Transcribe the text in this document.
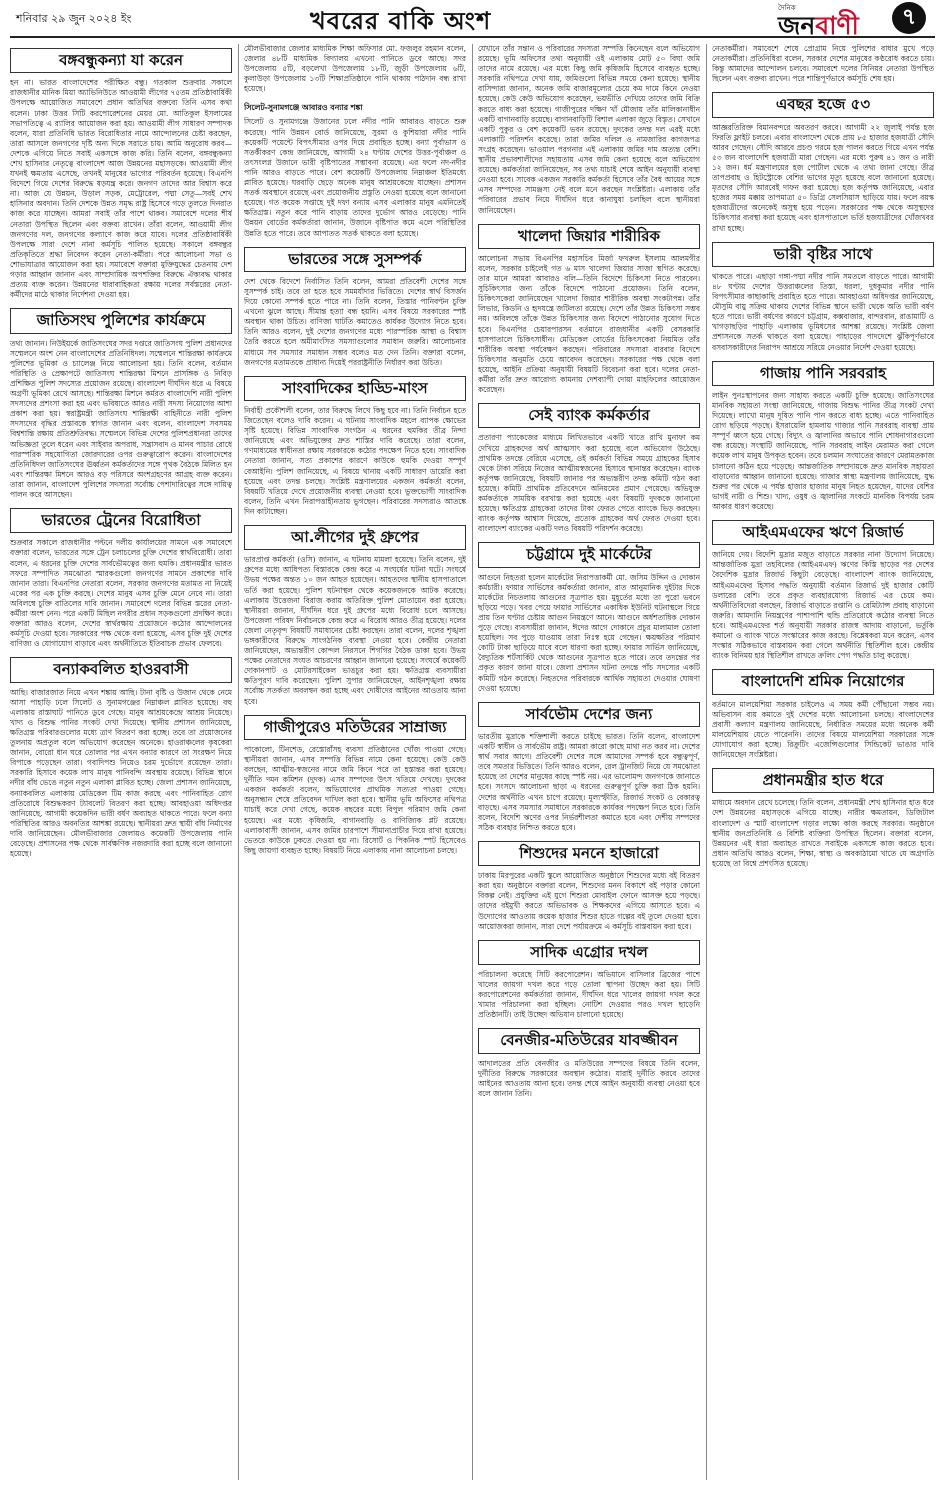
শনিবার ২৯ জুন ২০২৪ ইং	খবরের বাকি অংশ	দৈনিক
জনবাণী	৭
বঙ্গবন্ধুকন্যা যা করেন

হন না। ভারত বাংলাদেশের পরীক্ষিত বন্ধু। গতকাল শুক্রবার সকালে রাজধানীর মানিক মিয়া অ্যাভিনিউতে আওয়ামী লীগের ৭৫তম প্রতিষ্ঠাবার্ষিকী উপলক্ষে আয়োজিত সমাবেশে প্রধান অতিথির বক্তব্যে তিনি এসব কথা বলেন। ঢাকা উত্তর সিটি করপোরেশনের মেয়র মো. আতিকুল ইসলামের সভাপতিত্বে এ র‌্যালির আয়োজন করা হয়। আওয়ামী লীগ সাধারণ সম্পাদক বলেন, যারা প্রতিনিধি ভারত বিরোধিতার নামে আন্দোলনের চেষ্টা করছেন, তারা আসলে জনগণের দৃষ্টি অন্য দিকে সরাতে চায়। আমি অনুরোধ করব—দেশকে এগিয়ে নিতে সবাই একসঙ্গে কাজ করি। তিনি বলেন, বঙ্গবন্ধুকন্যা শেখ হাসিনার নেতৃত্বে বাংলাদেশ আজ উন্নয়নের মহাসড়কে। আওয়ামী লীগ যখনই ক্ষমতায় এসেছে, তখনই মানুষের ভাগ্যের পরিবর্তন হয়েছে। বিএনপি বিদেশে গিয়ে দেশের বিরুদ্ধে ষড়যন্ত্র করে। জনগণ তাদের আর বিশ্বাস করে না। আজ যে উন্নয়ন, উড়াল সড়ক, মেট্রোরেল, পদ্মা সেতু—সবই শেখ হাসিনার অবদান। তিনি দেশকে উন্নত সমৃদ্ধ রাষ্ট্র হিসেবে গড়ে তুলতে দিনরাত কাজ করে যাচ্ছেন। আমরা সবাই তাঁর পাশে থাকব। সমাবেশে দলের শীর্ষ নেতারা উপস্থিত ছিলেন এবং বক্তব্য রাখেন। তাঁরা বলেন, আওয়ামী লীগ জনগণের দল, জনগণের কল্যাণে কাজ করে যাবে। দলের প্রতিষ্ঠাবার্ষিকী উপলক্ষে সারা দেশে নানা কর্মসূচি পালিত হয়েছে। সকালে বঙ্গবন্ধুর প্রতিকৃতিতে শ্রদ্ধা নিবেদন করেন নেতা-কর্মীরা। পরে আলোচনা সভা ও শোভাযাত্রার আয়োজন করা হয়। সমাবেশে বক্তারা মুক্তিযুদ্ধের চেতনায় দেশ গড়ার আহ্বান জানান এবং সাম্প্রদায়িক অপশক্তির বিরুদ্ধে ঐক্যবদ্ধ থাকার প্রত্যয় ব্যক্ত করেন। উন্নয়নের ধারাবাহিকতা রক্ষায় দলের সর্বস্তরের নেতা-কর্মীদের মাঠে থাকার নির্দেশনা দেওয়া হয়।

জাতিসংঘ পুলিশের কার্যক্রমে

তথ্য জানান। নিউইয়র্কে জাতিসংঘের সদর দপ্তরে জাতিসংঘ পুলিশ প্রধানদের সম্মেলনে অংশ নেন বাংলাদেশের প্রতিনিধিদল। সম্মেলনে শান্তিরক্ষা কার্যক্রমে পুলিশের ভূমিকা ও চ্যালেঞ্জ নিয়ে আলোচনা হয়। তিনি বলেন, বর্তমান পরিস্থিতি ও প্রেক্ষাপটে জাতিসংঘ শান্তিরক্ষা মিশনে প্রাসঙ্গিক ও নিবিড় প্রশিক্ষিত পুলিশ সদস্যের প্রয়োজন রয়েছে। বাংলাদেশ দীর্ঘদিন ধরে এ বিষয়ে অগ্রণী ভূমিকা রেখে আসছে। শান্তিরক্ষা মিশনে কর্মরত বাংলাদেশি নারী পুলিশ সদস্যদের প্রশংসা করা হয় এবং ভবিষ্যতে আরও নারী সদস্য নিয়োগের আশা প্রকাশ করা হয়। স্বরাষ্ট্রমন্ত্রী জাতিসংঘ শান্তিরক্ষী বাহিনীতে নারী পুলিশ সদস্যদের বৃদ্ধির প্রস্তাবকে স্বাগত জানান এবং বলেন, বাংলাদেশ সবসময় বিশ্বশান্তি রক্ষায় প্রতিশ্রুতিবদ্ধ। সম্মেলনে বিভিন্ন দেশের পুলিশপ্রধানরা তাদের অভিজ্ঞতা তুলে ধরেন এবং সাইবার অপরাধ, সন্ত্রাসবাদ ও মানব পাচার রোধে পারস্পরিক সহযোগিতা জোরদারের ওপর গুরুত্বারোপ করেন। বাংলাদেশের প্রতিনিধিদল জাতিসংঘের ঊর্ধ্বতন কর্মকর্তাদের সঙ্গে পৃথক বৈঠকে মিলিত হন এবং শান্তিরক্ষা মিশনে আরও বড় পরিসরে অংশগ্রহণের আগ্রহ ব্যক্ত করেন। তারা জানান, বাংলাদেশ পুলিশের সদস্যরা সর্বোচ্চ পেশাদারিত্বের সঙ্গে দায়িত্ব পালন করে আসছেন।

ভারতের ট্রেনের বিরোধিতা

শুক্রবার সকালে রাজধানীর পল্টনে দলীয় কার্যালয়ের সামনে এক সমাবেশে বক্তারা বলেন, ভারতের সঙ্গে ট্রেন চলাচলের চুক্তি দেশের স্বার্থবিরোধী। তারা বলেন, এ ধরনের চুক্তি দেশের সার্বভৌমত্বের জন্য হুমকি। প্রধানমন্ত্রীর ভারত সফরে সম্পাদিত সমঝোতা স্মারকগুলো জনগণের সামনে প্রকাশের দাবি জানান তারা। বিএনপির নেতারা বলেন, সরকার জনগণের মতামত না নিয়েই একের পর এক চুক্তি করছে। দেশের মানুষ এসব চুক্তি মেনে নেবে না। তারা অবিলম্বে চুক্তি বাতিলের দাবি জানান। সমাবেশে দলের বিভিন্ন স্তরের নেতা-কর্মীরা অংশ নেন। পরে একটি মিছিল নগরীর প্রধান সড়কগুলো প্রদক্ষিণ করে। বক্তারা আরও বলেন, দেশের স্বার্থরক্ষায় প্রয়োজনে কঠোর আন্দোলনের কর্মসূচি দেওয়া হবে। সরকারের পক্ষ থেকে বলা হয়েছে, এসব চুক্তি দুই দেশের বাণিজ্য ও যোগাযোগ বাড়াবে এবং অর্থনীতিতে ইতিবাচক প্রভাব ফেলবে।

বন্যাকবলিত হাওরবাসী

আছি। বাজারজাত নিয়ে এখন শঙ্কায় আছি। টানা বৃষ্টি ও উজান থেকে নেমে আসা পাহাড়ি ঢলে সিলেট ও সুনামগঞ্জের নিম্নাঞ্চল প্লাবিত হয়েছে। বহু এলাকায় রাস্তাঘাট পানিতে ডুবে গেছে। মানুষ আশ্রয়কেন্দ্রে আশ্রয় নিয়েছে। খাদ্য ও বিশুদ্ধ পানির সংকট দেখা দিয়েছে। স্থানীয় প্রশাসন জানিয়েছে, ক্ষতিগ্রস্ত পরিবারগুলোর মধ্যে ত্রাণ বিতরণ করা হচ্ছে। তবে তা প্রয়োজনের তুলনায় অপ্রতুল বলে অভিযোগ করেছেন অনেকে। হাওরাঞ্চলের কৃষকেরা জানান, বোরো ধান ঘরে তোলার পর এখন বন্যার কারণে তা সংরক্ষণ নিয়ে বিপাকে পড়েছেন তারা। গবাদিপশু নিয়েও চরম দুর্ভোগে রয়েছেন তারা। সরকারি হিসাবে কয়েক লাখ মানুষ পানিবন্দি অবস্থায় রয়েছে। বিভিন্ন স্থানে নদীর বাঁধ ভেঙে নতুন নতুন এলাকা প্লাবিত হচ্ছে। জেলা প্রশাসন জানিয়েছে, বন্যাকবলিত এলাকায় মেডিকেল টিম কাজ করছে এবং পানিবাহিত রোগ প্রতিরোধে বিশুদ্ধকরণ ট্যাবলেট বিতরণ করা হচ্ছে। আবহাওয়া অধিদপ্তর জানিয়েছে, আগামী কয়েকদিন ভারী বর্ষণ অব্যাহত থাকতে পারে। ফলে বন্যা পরিস্থিতির আরও অবনতির আশঙ্কা রয়েছে। স্থানীয়রা দ্রুত স্থায়ী বাঁধ নির্মাণের দাবি জানিয়েছেন। মৌলভীবাজার জেলায়ও কয়েকটি উপজেলায় পানি বেড়েছে। প্রশাসনের পক্ষ থেকে সার্বক্ষণিক নজরদারি করা হচ্ছে বলে জানানো হয়েছে।

মৌলভীবাজার জেলার মাধ্যমিক শিক্ষা অফিসার মো. ফজলুর রহমান বলেন, জেলার ৪৮টি মাধ্যমিক বিদ্যালয় এখনো পানিতে ডুবে আছে। সদর উপজেলায় ৫টি, বড়লেখা উপজেলায় ১৮টি, জুড়ী উপজেলায় ৬টি, কুলাউড়া উপজেলায় ১৩টি শিক্ষাপ্রতিষ্ঠানে পানি থাকায় পাঠদান বন্ধ রাখা হয়েছে।

সিলেট-সুনামগঞ্জে আবারও বন্যার শঙ্কা

সিলেট ও সুনামগঞ্জে উজানের ঢলে নদীর পানি আবারও বাড়তে শুরু করেছে। পানি উন্নয়ন বোর্ড জানিয়েছে, সুরমা ও কুশিয়ারা নদীর পানি কয়েকটি পয়েন্টে বিপৎসীমার ওপর দিয়ে প্রবাহিত হচ্ছে। বন্যা পূর্বাভাস ও সতর্কীকরণ কেন্দ্র জানিয়েছে, আগামী ২৪ ঘণ্টায় দেশের উত্তর-পূর্বাঞ্চল ও তৎসংলগ্ন উজানে ভারী বৃষ্টিপাতের সম্ভাবনা রয়েছে। এর ফলে নদ-নদীর পানি আরও বাড়তে পারে। বেশ কয়েকটি উপজেলায় নিম্নাঞ্চল ইতিমধ্যে প্লাবিত হয়েছে। ঘরবাড়ি ছেড়ে অনেক মানুষ আশ্রয়কেন্দ্রে যাচ্ছেন। প্রশাসন সতর্ক অবস্থানে রয়েছে এবং প্রয়োজনীয় প্রস্তুতি নেওয়া হয়েছে বলে জানানো হয়েছে। গত কয়েক সপ্তাহে দুই দফা বন্যায় এসব এলাকার মানুষ এমনিতেই ক্ষতিগ্রস্ত। নতুন করে পানি বাড়ায় তাদের দুর্ভোগ আরও বেড়েছে। পানি উন্নয়ন বোর্ডের কর্মকর্তারা জানান, উজানে বৃষ্টিপাত কমে এলে পরিস্থিতির উন্নতি হতে পারে। তবে আপাতত সতর্ক থাকতে বলা হয়েছে।

ভারতের সঙ্গে সুসম্পর্ক

দেশ থেকে বিদেশে নির্বাসিত তিনি বলেন, আমরা প্রতিবেশী দেশের সঙ্গে সুসম্পর্ক চাই। তবে তা হতে হবে সমমর্যাদার ভিত্তিতে। দেশের স্বার্থ বিসর্জন দিয়ে কোনো সম্পর্ক হতে পারে না। তিনি বলেন, তিস্তার পানিবণ্টন চুক্তি এখনো ঝুলে আছে। সীমান্ত হত্যা বন্ধ হয়নি। এসব বিষয়ে সরকারের স্পষ্ট অবস্থান থাকা উচিত। বাণিজ্য ঘাটতি কমাতেও কার্যকর উদ্যোগ নিতে হবে। তিনি আরও বলেন, দুই দেশের জনগণের মধ্যে পারস্পরিক আস্থা ও বিশ্বাস তৈরি করতে হলে অমীমাংসিত সমস্যাগুলোর সমাধান জরুরি। আলোচনার মাধ্যমে সব সমস্যার সমাধান সম্ভব বলেও মত দেন তিনি। বক্তারা বলেন, জনগণের মতামতকে প্রাধান্য দিয়েই পররাষ্ট্রনীতি নির্ধারণ করা উচিত।

সাংবাদিকের হাড্ডি-মাংস

নির্বাহী প্রকৌশলী বলেন, তার বিরুদ্ধে লিখে কিছু হবে না। তিনি নির্বাচন হতে জিতেছেন বলেও দাবি করেন। এ ঘটনায় সাংবাদিক মহলে ব্যাপক ক্ষোভের সৃষ্টি হয়েছে। বিভিন্ন সাংবাদিক সংগঠন এ ধরনের হুমকির তীব্র নিন্দা জানিয়েছে এবং অভিযুক্তের দ্রুত শাস্তির দাবি করেছে। তারা বলেন, গণমাধ্যমের স্বাধীনতা রক্ষায় সরকারকে কঠোর পদক্ষেপ নিতে হবে। সাংবাদিক নেতারা জানান, সত্য প্রকাশের কারণে কাউকে হুমকি দেওয়া সম্পূর্ণ বেআইনি। পুলিশ জানিয়েছে, এ বিষয়ে থানায় একটি সাধারণ ডায়েরি করা হয়েছে এবং তদন্ত চলছে। সংশ্লিষ্ট মন্ত্রণালয়ের একজন কর্মকর্তা বলেন, বিষয়টি খতিয়ে দেখে প্রয়োজনীয় ব্যবস্থা নেওয়া হবে। ভুক্তভোগী সাংবাদিক বলেন, তিনি এখন নিরাপত্তাহীনতায় ভুগছেন। পরিবারের সদস্যরাও আতঙ্কে দিন কাটাচ্ছেন।

আ.লীগের দুই গ্রুপের

ভারপ্রাপ্ত কর্মকর্তা (ওসি) জানান, এ ঘটনায় মামলা হয়েছে। তিনি বলেন, দুই গ্রুপের মধ্যে আধিপত্য বিস্তারকে কেন্দ্র করে এ সংঘর্ষের ঘটনা ঘটে। সংঘর্ষে উভয় পক্ষের অন্তত ১০ জন আহত হয়েছেন। আহতদের স্থানীয় হাসপাতালে ভর্তি করা হয়েছে। পুলিশ ঘটনাস্থল থেকে কয়েকজনকে আটক করেছে। এলাকায় উত্তেজনা বিরাজ করায় অতিরিক্ত পুলিশ মোতায়েন করা হয়েছে। স্থানীয়রা জানান, দীর্ঘদিন ধরে দুই গ্রুপের মধ্যে বিরোধ চলে আসছে। উপজেলা পরিষদ নির্বাচনকে কেন্দ্র করে এ বিরোধ আরও তীব্র হয়েছে। দলের জেলা নেতৃবৃন্দ বিষয়টি সমাধানের চেষ্টা করছেন। তারা বলেন, দলের শৃঙ্খলা ভঙ্গকারীদের বিরুদ্ধে সাংগঠনিক ব্যবস্থা নেওয়া হবে। কেন্দ্রীয় নেতারা জানিয়েছেন, অভ্যন্তরীণ কোন্দল নিরসনে শিগগির বৈঠক ডাকা হবে। উভয় পক্ষের নেতাদের সংযত আচরণের আহ্বান জানানো হয়েছে। সংঘর্ষে কয়েকটি দোকানপাট ও মোটরসাইকেল ভাঙচুর করা হয়। ক্ষতিগ্রস্ত ব্যবসায়ীরা ক্ষতিপূরণ দাবি করেছেন। পুলিশ সুপার জানিয়েছেন, আইনশৃঙ্খলা রক্ষায় সর্বোচ্চ সতর্কতা অবলম্বন করা হচ্ছে এবং দোষীদের আইনের আওতায় আনা হবে।

গাজীপুরেও মতিউরের সাম্রাজ্য

পাকোলো, টিনশেড, রেস্তোরাঁসহ ব্যবসা প্রতিষ্ঠানের খোঁজ পাওয়া গেছে। স্থানীয়রা জানান, এসব সম্পত্তি বিভিন্ন নামে কেনা হয়েছে। কেউ কেউ বলছেন, আত্মীয়-স্বজনের নামে জমি কিনে পরে তা হস্তান্তর করা হয়েছে। দুর্নীতি দমন কমিশন (দুদক) এসব সম্পদের উৎস খতিয়ে দেখছে। দুদকের একজন কর্মকর্তা বলেন, অভিযোগের প্রাথমিক সত্যতা পাওয়া গেছে। অনুসন্ধান শেষে প্রতিবেদন দাখিল করা হবে। স্থানীয় ভূমি অফিসের নথিপত্র যাচাই করে দেখা গেছে, কয়েক বছরের মধ্যে বিপুল পরিমাণ জমি কেনা হয়েছে। এর মধ্যে কৃষিজমি, বাগানবাড়ি ও বাণিজ্যিক প্লট রয়েছে। এলাকাবাসী জানান, এসব জমির চারপাশে সীমানাপ্রাচীর দিয়ে রাখা হয়েছে। ভেতরে কাউকে ঢুকতে দেওয়া হয় না। রিসোর্ট ও পিকনিক স্পট হিসেবেও কিছু জায়গা ব্যবহৃত হচ্ছে। বিষয়টি নিয়ে এলাকায় নানা আলোচনা চলছে।

যেখানে তাঁর সন্তান ও পরিবারের সদস্যরা সম্পত্তি কিনেছেন বলে অভিযোগ রয়েছে। ভূমি অফিসের তথ্য অনুযায়ী ওই এলাকায় মোট ৫০ বিঘা জমি তাদের নামে রয়েছে। এর মধ্যে কিছু জমি কৃষিজমি হিসেবে ব্যবহৃত হচ্ছে। সরকারি নথিপত্রে দেখা যায়, জমিগুলো বিভিন্ন সময়ে কেনা হয়েছে। স্থানীয় বাসিন্দারা জানান, অনেক জমি বাজারমূল্যের চেয়ে কম দামে কিনে নেওয়া হয়েছে। কেউ কেউ অভিযোগ করেছেন, ভয়ভীতি দেখিয়ে তাদের জমি বিক্রি করতে বাধ্য করা হয়েছে। গাজীপুরের দক্ষিণ খাঁ মৌজায় তাঁর মালিকানাধীন একটি বাগানবাড়ি রয়েছে। বাগানবাড়িটি বিশাল এলাকা জুড়ে বিস্তৃত। সেখানে একটি পুকুর ও বেশ কয়েকটি ভবন রয়েছে। দুদকের তদন্ত দল এরই মধ্যে এলাকাটি পরিদর্শন করেছে। তারা জমির দলিল ও নামজারির কাগজপত্র সংগ্রহ করেছেন। ভাওয়াল পরগনার এই এলাকায় জমির দাম অত্যন্ত বেশি। স্থানীয় প্রভাবশালীদের সহায়তায় এসব জমি কেনা হয়েছে বলে অভিযোগ রয়েছে। কর্মকর্তারা জানিয়েছেন, সব তথ্য যাচাই শেষে আইন অনুযায়ী ব্যবস্থা নেওয়া হবে। সাবেক একজন সরকারি কর্মকর্তা হিসেবে তাঁর বৈধ আয়ের সঙ্গে এসব সম্পদের সামঞ্জস্য নেই বলে মনে করছেন সংশ্লিষ্টরা। এলাকায় তাঁর পরিবারের প্রভাব নিয়ে দীর্ঘদিন ধরে কানাঘুষা চলছিল বলে স্থানীয়রা জানিয়েছেন।

খালেদা জিয়ার শারীরিক

আলোচনা সভায় বিএনপির মহাসচিব মির্জা ফখরুল ইসলাম আলমগীর বলেন, সরকার চাইলেই গত ৬ মাস খালেদা জিয়ার সাজা স্থগিত করেছে। তার মানে আমরা আবারও বলি—তিনি বিদেশে চিকিৎসা নিতে পারবেন। সুচিকিৎসার জন্য তাঁকে বিদেশে পাঠানো প্রয়োজন। তিনি বলেন, চিকিৎসকেরা জানিয়েছেন খালেদা জিয়ার শারীরিক অবস্থা সংকটাপন্ন। তাঁর লিভার, কিডনি ও হৃদযন্ত্রে জটিলতা রয়েছে। দেশে তাঁর উন্নত চিকিৎসা সম্ভব নয়। অবিলম্বে তাঁকে উন্নত চিকিৎসার জন্য বিদেশে পাঠানোর সুযোগ দিতে হবে। বিএনপির চেয়ারপারসন বর্তমানে রাজধানীর একটি বেসরকারি হাসপাতালে চিকিৎসাধীন। মেডিকেল বোর্ডের চিকিৎসকেরা নিয়মিত তাঁর শারীরিক অবস্থা পর্যবেক্ষণ করছেন। পরিবারের সদস্যরা বারবার বিদেশে চিকিৎসার অনুমতি চেয়ে আবেদন করেছেন। সরকারের পক্ষ থেকে বলা হয়েছে, আইনি প্রক্রিয়া অনুযায়ী বিষয়টি বিবেচনা করা হবে। দলের নেতা-কর্মীরা তাঁর দ্রুত আরোগ্য কামনায় দেশব্যাপী দোয়া মাহফিলের আয়োজন করেছেন।

সেই ব্যাংক কর্মকর্তার

প্রতারণা প্যাকেজের মাধ্যমে লিখিতভাবে একটি খাতে রাখি মুনাফা কম দেখিয়ে গ্রাহকদের অর্থ আত্মসাৎ করা হয়েছে বলে অভিযোগ উঠেছে। প্রাথমিক তদন্তে বেরিয়ে এসেছে, ওই কর্মকর্তা বিভিন্ন সময়ে গ্রাহকের হিসাব থেকে টাকা সরিয়ে নিজের আত্মীয়স্বজনের হিসাবে স্থানান্তর করেছেন। ব্যাংক কর্তৃপক্ষ জানিয়েছে, বিষয়টি জানার পর অভ্যন্তরীণ তদন্ত কমিটি গঠন করা হয়েছে। কমিটি প্রাথমিক প্রতিবেদনে অনিয়মের প্রমাণ পেয়েছে। অভিযুক্ত কর্মকর্তাকে সাময়িক বরখাস্ত করা হয়েছে এবং বিষয়টি দুদককে জানানো হয়েছে। ক্ষতিগ্রস্ত গ্রাহকেরা তাদের টাকা ফেরত পেতে ব্যাংকে ভিড় করছেন। ব্যাংক কর্তৃপক্ষ আশ্বাস দিয়েছে, প্রত্যেক গ্রাহকের অর্থ ফেরত দেওয়া হবে। বাংলাদেশ ব্যাংকের একটি দলও বিষয়টি পরিদর্শন করেছে।

চট্টগ্রামে দুই মার্কেটের

আগুনে নিহতরা হলেন মার্কেটের নিরাপত্তাকর্মী মো. জসিম উদ্দিন ও দোকান কর্মচারী। ফায়ার সার্ভিসের কর্মকর্তারা জানান, রাত আনুমানিক দুইটার দিকে মার্কেটের নিচতলায় আগুনের সূত্রপাত হয়। মুহূর্তের মধ্যে তা পুরো ভবনে ছড়িয়ে পড়ে। খবর পেয়ে ফায়ার সার্ভিসের একাধিক ইউনিট ঘটনাস্থলে গিয়ে প্রায় তিন ঘণ্টার চেষ্টায় আগুন নিয়ন্ত্রণে আনে। আগুনে অর্ধশতাধিক দোকান পুড়ে গেছে। ব্যবসায়ীরা জানান, ঈদের আগে দোকানে প্রচুর মালামাল তোলা হয়েছিল। সব পুড়ে যাওয়ায় তারা নিঃস্ব হয়ে গেছেন। ক্ষয়ক্ষতির পরিমাণ কোটি টাকা ছাড়িয়ে যাবে বলে ধারণা করা হচ্ছে। ফায়ার সার্ভিস জানিয়েছে, বৈদ্যুতিক শর্টসার্কিট থেকে আগুনের সূত্রপাত হতে পারে। তবে তদন্তের পর প্রকৃত কারণ জানা যাবে। জেলা প্রশাসন ঘটনা তদন্তে পাঁচ সদস্যের একটি কমিটি গঠন করেছে। নিহতদের পরিবারকে আর্থিক সহায়তা দেওয়ার ঘোষণা দেওয়া হয়েছে।

সার্বভৌম দেশের জন্য

ভারতীয় মুদ্রাকে শক্তিশালী করতে চাইছে ভারত। তিনি বলেন, বাংলাদেশ একটি স্বাধীন ও সার্বভৌম রাষ্ট্র। আমরা কারো কাছে মাথা নত করব না। দেশের স্বার্থ সবার আগে। প্রতিবেশী দেশের সঙ্গে আমাদের সম্পর্ক হবে বন্ধুত্বপূর্ণ, তবে সমতার ভিত্তিতে। তিনি আরও বলেন, রেল ট্রানজিট নিয়ে যে সমঝোতা হয়েছে তা দেশের মানুষের কাছে স্পষ্ট নয়। এর ভালোমন্দ জনগণকে জানাতে হবে। সংসদে আলোচনা ছাড়া এ ধরনের গুরুত্বপূর্ণ চুক্তি করা ঠিক হয়নি। দেশের অর্থনীতি এখন চাপে রয়েছে। মূল্যস্ফীতি, রিজার্ভ সংকট ও বেকারত্ব বাড়ছে। এসব সমস্যার সমাধানে সরকারকে কার্যকর পদক্ষেপ নিতে হবে। তিনি বলেন, বিদেশি ঋণের ওপর নির্ভরশীলতা কমাতে হবে এবং দেশীয় সম্পদের সঠিক ব্যবহার নিশ্চিত করতে হবে।

শিশুদের মননে হাজারো

ঢাকায় মিরপুরের একটি স্কুলে আয়োজিত অনুষ্ঠানে শিশুদের মধ্যে বই বিতরণ করা হয়। অনুষ্ঠানে বক্তারা বলেন, শিশুদের মনন বিকাশে বই পড়ার কোনো বিকল্প নেই। প্রযুক্তির এই যুগে শিশুরা মোবাইল ফোনে আসক্ত হয়ে পড়ছে। তাদের বইমুখী করতে অভিভাবক ও শিক্ষকদের এগিয়ে আসতে হবে। এ উদ্যোগের আওতায় কয়েক হাজার শিশুর হাতে গল্পের বই তুলে দেওয়া হবে। আয়োজকরা জানান, সারা দেশে পর্যায়ক্রমে এ কর্মসূচি বাস্তবায়ন করা হবে।

সাদিক এগ্রোর দখল

পরিচালনা করেছে সিটি করপোরেশন। অভিযানে বাসিলার ব্রিজের পাশে খালের জায়গা দখল করে গড়ে তোলা স্থাপনা উচ্ছেদ করা হয়। সিটি করপোরেশনের কর্মকর্তারা জানান, দীর্ঘদিন ধরে খালের জায়গা দখল করে খামার পরিচালনা করা হচ্ছিল। নোটিশ দেওয়ার পরও দখল ছাড়েনি প্রতিষ্ঠানটি। তাই উচ্ছেদ অভিযান চালানো হয়েছে।

বেনজীর-মতিউরের যাবজ্জীবন

আদালতের প্রতি বেনজীর ও মতিউরের সম্পদের বিষয়ে তিনি বলেন, দুর্নীতির বিরুদ্ধে সরকারের অবস্থান কঠোর। যারাই দুর্নীতি করবে তাদের আইনের আওতায় আনা হবে। তদন্ত শেষে আইন অনুযায়ী ব্যবস্থা নেওয়া হবে বলে জানান তিনি।

নেতাকর্মীরা। সমাবেশে শেষে প্রোগ্রাম নিয়ে পুলিশের বাধার মুখে পড়ে নেতাকর্মীরা। প্রতিনিধিরা বলেন, সরকার দেশের মানুষের কণ্ঠরোধ করতে চায়। কিন্তু আমাদের আন্দোলন চলবে। সমাবেশে দলের সিনিয়র নেতারা উপস্থিত ছিলেন এবং বক্তব্য রাখেন। পরে শান্তিপূর্ণভাবে কর্মসূচি শেষ হয়।

এবছর হজে ৫৩

আজ্ঞরতিরিক্ত বিমানবন্দরে অবতরণ করবে। আগামী ২২ জুলাই পর্যন্ত হজ ফিরতি ফ্লাইট চলবে। এবার বাংলাদেশ থেকে প্রায় ৮৫ হাজার হজযাত্রী সৌদি আরব গেছেন। সৌদি আরবে প্রচণ্ড গরমে হজ পালন করতে গিয়ে এখন পর্যন্ত ৫৩ জন বাংলাদেশি হজযাত্রী মারা গেছেন। এর মধ্যে পুরুষ ৪১ জন ও নারী ১২ জন। ধর্ম মন্ত্রণালয়ের হজ পোর্টাল থেকে এ তথ্য জানা গেছে। তীব্র তাপপ্রবাহ ও হিটস্ট্রোকে বেশির ভাগের মৃত্যু হয়েছে বলে জানানো হয়েছে। মৃতদের সৌদি আরবেই দাফন করা হয়েছে। হজ কর্তৃপক্ষ জানিয়েছে, এবার হজের সময় মক্কায় তাপমাত্রা ৫০ ডিগ্রি সেলসিয়াস ছাড়িয়ে যায়। ফলে বয়স্ক হজযাত্রীদের অনেকেই অসুস্থ হয়ে পড়েন। সরকারের পক্ষ থেকে অসুস্থদের চিকিৎসার ব্যবস্থা করা হয়েছে এবং হাসপাতালে ভর্তি হজযাত্রীদের খোঁজখবর রাখা হচ্ছে।

ভারী বৃষ্টির সাথে

থাকতে পারে। এছাড়া গঙ্গা-পদ্মা নদীর পানি সমতলে বাড়তে পারে। আগামী ৪৮ ঘণ্টায় দেশের উত্তরাঞ্চলের তিস্তা, ধরলা, দুধকুমার নদীর পানি বিপৎসীমার কাছাকাছি প্রবাহিত হতে পারে। আবহাওয়া অধিদপ্তর জানিয়েছে, মৌসুমি বায়ু সক্রিয় থাকায় দেশের বিভিন্ন স্থানে ভারী থেকে অতি ভারী বর্ষণ হতে পারে। ভারী বর্ষণের কারণে চট্টগ্রাম, কক্সবাজার, বান্দরবান, রাঙামাটি ও খাগড়াছড়ির পাহাড়ি এলাকায় ভূমিধসের আশঙ্কা রয়েছে। সংশ্লিষ্ট জেলা প্রশাসনকে সতর্ক থাকতে বলা হয়েছে। পাহাড়ের পাদদেশে ঝুঁকিপূর্ণভাবে বসবাসকারীদের নিরাপদ আশ্রয়ে সরিয়ে নেওয়ার নির্দেশ দেওয়া হয়েছে।

গাজায় পানি সরবরাহ

লাইন পুনঃস্থাপনের জন্য সাহায্য করতে একটি চুক্তি হয়েছে। জাতিসংঘের মানবিক সহায়তা সংস্থা জানিয়েছে, গাজায় বিশুদ্ধ পানির তীব্র সংকট দেখা দিয়েছে। লাখো মানুষ দূষিত পানি পান করতে বাধ্য হচ্ছে। এতে পানিবাহিত রোগ ছড়িয়ে পড়ছে। ইসরায়েলি হামলায় গাজার পানি সরবরাহ ব্যবস্থা প্রায় সম্পূর্ণ ধ্বংস হয়ে গেছে। বিদ্যুৎ ও জ্বালানির অভাবে পানি শোধনাগারগুলো বন্ধ রয়েছে। সংস্থাটি জানিয়েছে, পানি সরবরাহ লাইন মেরামত করা গেলে কয়েক লাখ মানুষ উপকৃত হবেন। তবে চলমান সংঘাতের কারণে মেরামতকাজ চালানো কঠিন হয়ে পড়েছে। আন্তর্জাতিক সম্প্রদায়কে দ্রুত মানবিক সহায়তা বাড়ানোর আহ্বান জানানো হয়েছে। গাজার স্বাস্থ্য মন্ত্রণালয় জানিয়েছে, যুদ্ধ শুরুর পর থেকে এ পর্যন্ত হাজার হাজার মানুষ নিহত হয়েছেন, যাদের বেশির ভাগই নারী ও শিশু। খাদ্য, ওষুধ ও জ্বালানির সংকটে মানবিক বিপর্যয় চরম আকার ধারণ করেছে।

আইএমএফের ঋণে রিজার্ভ

জানিয়ে দেয়। বিদেশি মুদ্রার মজুত বাড়াতে সরকার নানা উদ্যোগ নিয়েছে। আন্তর্জাতিক মুদ্রা তহবিলের (আইএমএফ) ঋণের কিস্তি ছাড়ের পর দেশের বৈদেশিক মুদ্রার রিজার্ভ কিছুটা বেড়েছে। বাংলাদেশ ব্যাংক জানিয়েছে, আইএমএফের হিসাব পদ্ধতি অনুযায়ী বর্তমান রিজার্ভ দুই হাজার কোটি ডলারের বেশি। তবে প্রকৃত ব্যবহারযোগ্য রিজার্ভ এর চেয়ে কম। অর্থনীতিবিদেরা বলছেন, রিজার্ভ বাড়াতে রপ্তানি ও রেমিট্যান্স প্রবাহ বাড়ানো জরুরি। আমদানি নিয়ন্ত্রণের পাশাপাশি হুন্ডি প্রতিরোধে কঠোর ব্যবস্থা নিতে হবে। আইএমএফের শর্ত অনুযায়ী সরকার রাজস্ব আদায় বাড়ানো, ভর্তুকি কমানো ও ব্যাংক খাতে সংস্কারের কাজ করছে। বিশ্লেষকরা মনে করেন, এসব সংস্কার সঠিকভাবে বাস্তবায়ন করা গেলে অর্থনীতি স্থিতিশীল হবে। কেন্দ্রীয় ব্যাংক বিনিময় হার স্থিতিশীল রাখতে ক্রলিং পেগ পদ্ধতি চালু করেছে।

বাংলাদেশি শ্রমিক নিয়োগের

বর্তমানে মালয়েশিয়া সরকার চাইলেও এ সময় কর্মী পৌঁছানো সম্ভব নয়। অভিবাসন ব্যয় কমাতে দুই দেশের মধ্যে আলোচনা চলছে। বাংলাদেশের প্রবাসী কল্যাণ মন্ত্রণালয় জানিয়েছে, নির্ধারিত সময়ের মধ্যে অনেক কর্মী মালয়েশিয়ায় যেতে পারেননি। তাদের বিষয়ে মালয়েশিয়া সরকারের সঙ্গে যোগাযোগ করা হচ্ছে। রিক্রুটিং এজেন্সিগুলোর সিন্ডিকেট ভাঙার দাবি জানিয়েছেন সংশ্লিষ্টরা।

প্রধানমন্ত্রীর হাত ধরে

মাধ্যমে অবদান রেখে চলেছে। তিনি বলেন, প্রধানমন্ত্রী শেখ হাসিনার হাত ধরে দেশ উন্নয়নের মহাসড়কে এগিয়ে যাচ্ছে। নারীর ক্ষমতায়ন, ডিজিটাল বাংলাদেশ ও স্মার্ট বাংলাদেশ গড়ার লক্ষ্যে কাজ করছে সরকার। অনুষ্ঠানে স্থানীয় জনপ্রতিনিধি ও বিশিষ্ট ব্যক্তিরা উপস্থিত ছিলেন। বক্তারা বলেন, উন্নয়নের এই ধারা অব্যাহত রাখতে সবাইকে একসঙ্গে কাজ করতে হবে। প্রধান অতিথি আরও বলেন, শিক্ষা, স্বাস্থ্য ও অবকাঠামো খাতে যে অগ্রগতি হয়েছে তা বিশ্বে প্রশংসিত হয়েছে।
